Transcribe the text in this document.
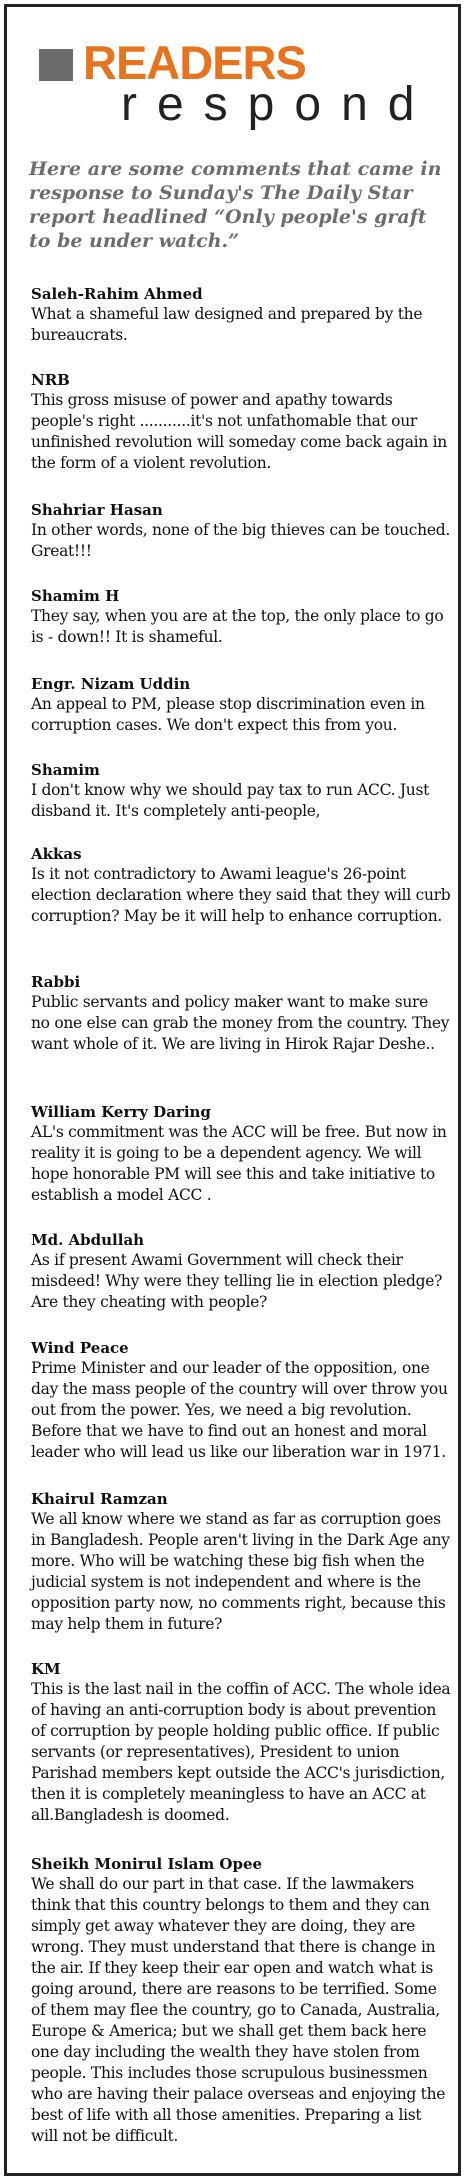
READERS
respond

Here are some comments that came in response to Sunday's The Daily Star report headlined “Only people's graft to be under watch.”

Saleh-Rahim Ahmed

What a shameful law designed and prepared by the bureaucrats.

NRB

This gross misuse of power and apathy towards people's right ...........it's not unfathomable that our unfinished revolution will someday come back again in the form of a violent revolution.

Shahriar Hasan

In other words, none of the big thieves can be touched. Great!!!

Shamim H

They say, when you are at the top, the only place to go is - down!! It is shameful.

Engr. Nizam Uddin

An appeal to PM, please stop discrimination even in corruption cases. We don't expect this from you.

Shamim

I don't know why we should pay tax to run ACC. Just disband it. It's completely anti-people,

Akkas

Is it not contradictory to Awami league's 26-point election declaration where they said that they will curb corruption? May be it will help to enhance corruption.

Rabbi

Public servants and policy maker want to make sure no one else can grab the money from the country. They want whole of it. We are living in Hirok Rajar Deshe..

William Kerry Daring

AL's commitment was the ACC will be free. But now in reality it is going to be a dependent agency. We will hope honorable PM will see this and take initiative to establish a model ACC .

Md. Abdullah

As if present Awami Government will check their misdeed! Why were they telling lie in election pledge? Are they cheating with people?

Wind Peace

Prime Minister and our leader of the opposition, one day the mass people of the country will over throw you out from the power. Yes, we need a big revolution. Before that we have to find out an honest and moral leader who will lead us like our liberation war in 1971.

Khairul Ramzan

We all know where we stand as far as corruption goes in Bangladesh. People aren't living in the Dark Age any more. Who will be watching these big fish when the judicial system is not independent and where is the opposition party now, no comments right, because this may help them in future?

KM

This is the last nail in the coffin of ACC. The whole idea of having an anti-corruption body is about prevention of corruption by people holding public office. If public servants (or representatives), President to union Parishad members kept outside the ACC's jurisdiction, then it is completely meaningless to have an ACC at all.Bangladesh is doomed.

Sheikh Monirul Islam Opee

We shall do our part in that case. If the lawmakers think that this country belongs to them and they can simply get away whatever they are doing, they are wrong. They must understand that there is change in the air. If they keep their ear open and watch what is going around, there are reasons to be terrified. Some of them may flee the country, go to Canada, Australia, Europe & America; but we shall get them back here one day including the wealth they have stolen from people. This includes those scrupulous businessmen who are having their palace overseas and enjoying the best of life with all those amenities. Preparing a list will not be difficult.
